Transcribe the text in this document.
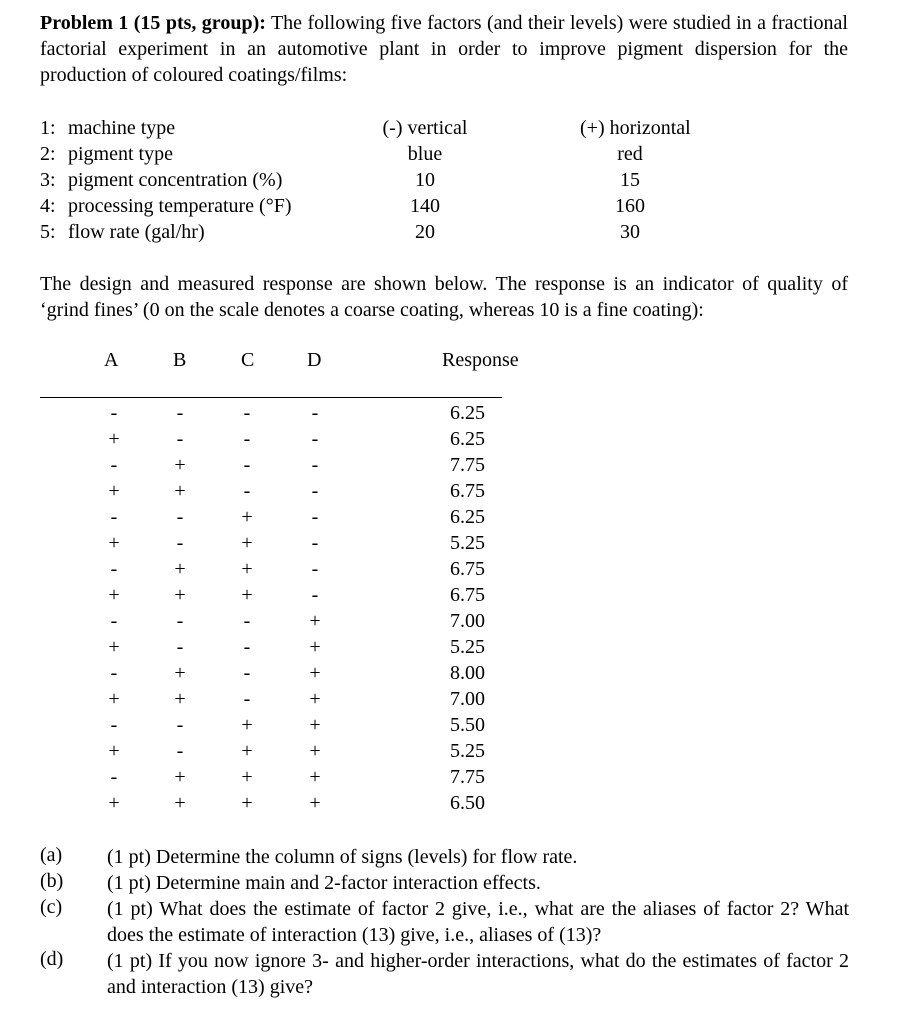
Problem 1 (15 pts, group): The following five factors (and their levels) were studied in a fractional factorial experiment in an automotive plant in order to improve pigment dispersion for the production of coloured coatings/films:
1: machine type	(-) vertical	(+) horizontal
2: pigment type	blue	red
3: pigment concentration (%)	10	15
4: processing temperature (°F)	140	160
5: flow rate (gal/hr)	20	30
The design and measured response are shown below. The response is an indicator of quality of ‘grind fines’ (0 on the scale denotes a coarse coating, whereas 10 is a fine coating):
A	B	C	D	Response
-	-	-	-	6.25
+	-	-	-	6.25
-	+	-	-	7.75
+	+	-	-	6.75
-	-	+	-	6.25
+	-	+	-	5.25
-	+	+	-	6.75
+	+	+	-	6.75
-	-	-	+	7.00
+	-	-	+	5.25
-	+	-	+	8.00
+	+	-	+	7.00
-	-	+	+	5.50
+	-	+	+	5.25
-	+	+	+	7.75
+	+	+	+	6.50
(a) (1 pt) Determine the column of signs (levels) for flow rate.
(b) (1 pt) Determine main and 2-factor interaction effects.
(c) (1 pt) What does the estimate of factor 2 give, i.e., what are the aliases of factor 2? What does the estimate of interaction (13) give, i.e., aliases of (13)?
(d) (1 pt) If you now ignore 3- and higher-order interactions, what do the estimates of factor 2 and interaction (13) give?
